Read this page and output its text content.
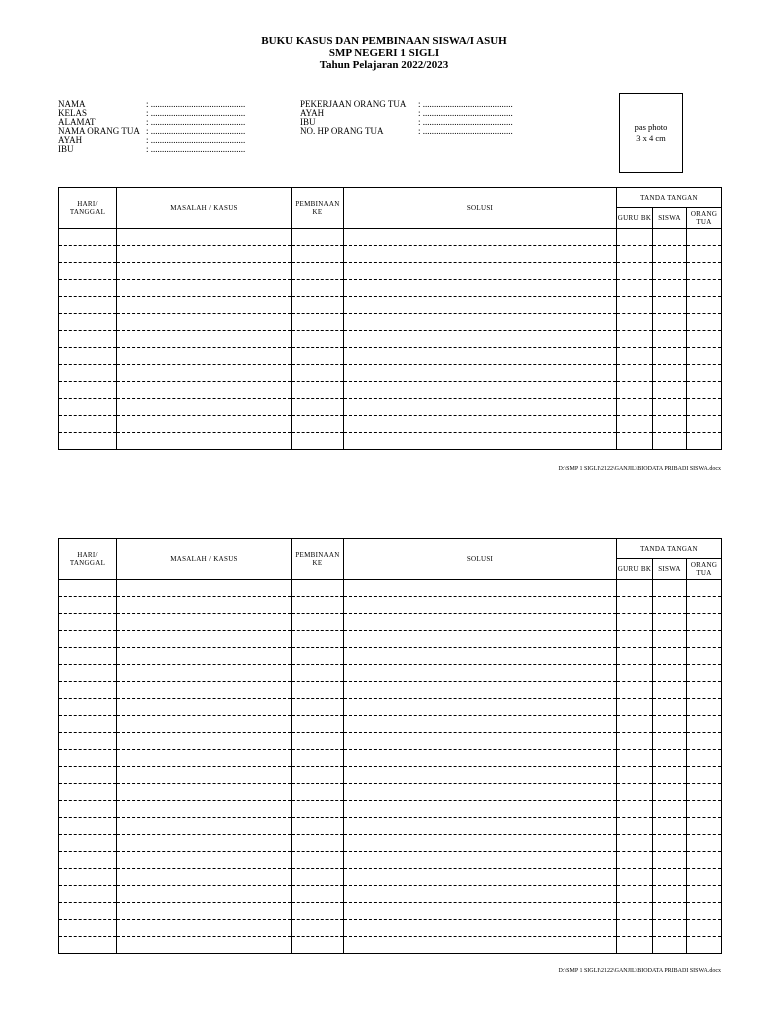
BUKU KASUS DAN PEMBINAAN SISWA/I ASUH
SMP NEGERI 1 SIGLI
Tahun Pelajaran 2022/2023
NAMA	: ..........................................
KELAS	: ..........................................
ALAMAT	: ..........................................
NAMA ORANG TUA : ..........................................
AYAH	: ..........................................
IBU	: ..........................................
PEKERJAAN ORANG TUA	: ........................................
AYAH	: ........................................
IBU	: ........................................
NO. HP ORANG TUA	: ........................................	pas photo
3 x 4 cm
HARI/ TANGGAL	MASALAH / KASUS	PEMBINAAN KE	SOLUSI	TANDA TANGAN		
				GURU BK	SISWA	ORANG TUA

D:\SMP 1 SIGLI\2122\GANJIL\BIODATA PRIBADI SISWA.docx
HARI/ TANGGAL	MASALAH / KASUS	PEMBINAAN KE	SOLUSI	TANDA TANGAN		
				GURU BK	SISWA	ORANG TUA

D:\SMP 1 SIGLI\2122\GANJIL\BIODATA PRIBADI SISWA.docx
